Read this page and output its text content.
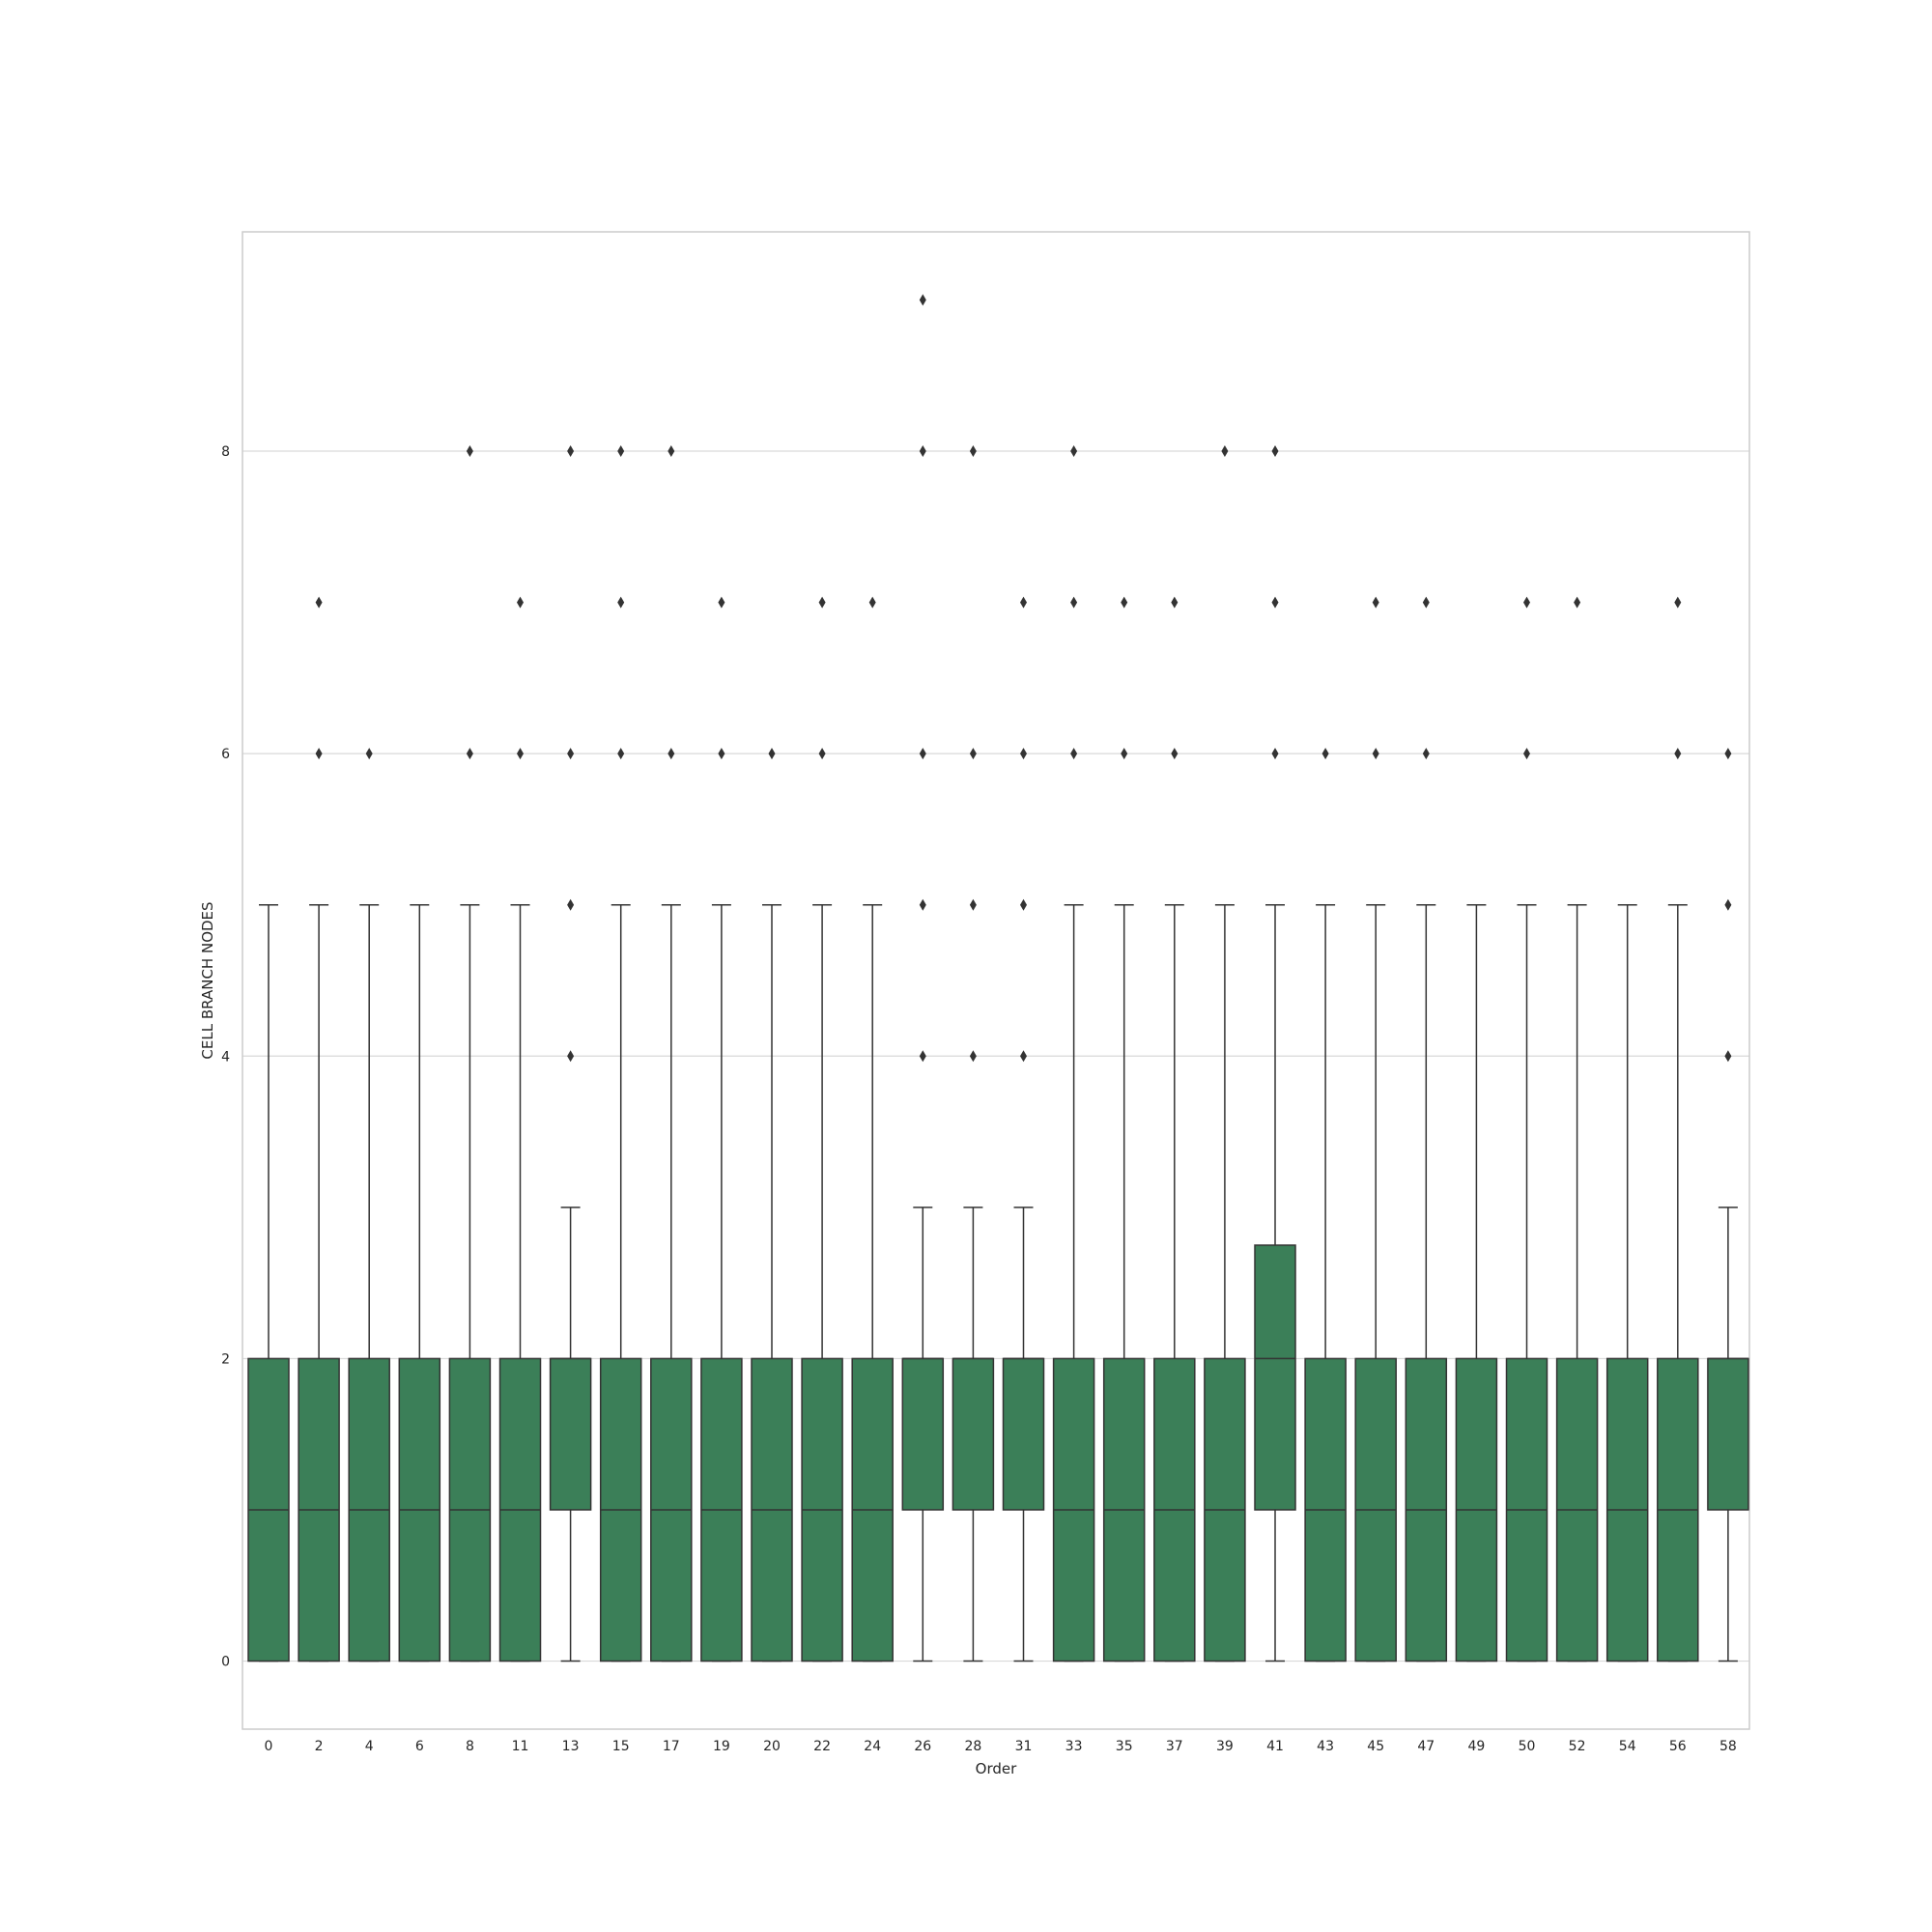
0
2
4
6
8
0	2	4	6	8	11 13 15 17 19 20 22 24 26 28 31 33 35 37 39 41 43 45 47 49 50 52 54 56 58
Order
CELL BRANCH NODES
